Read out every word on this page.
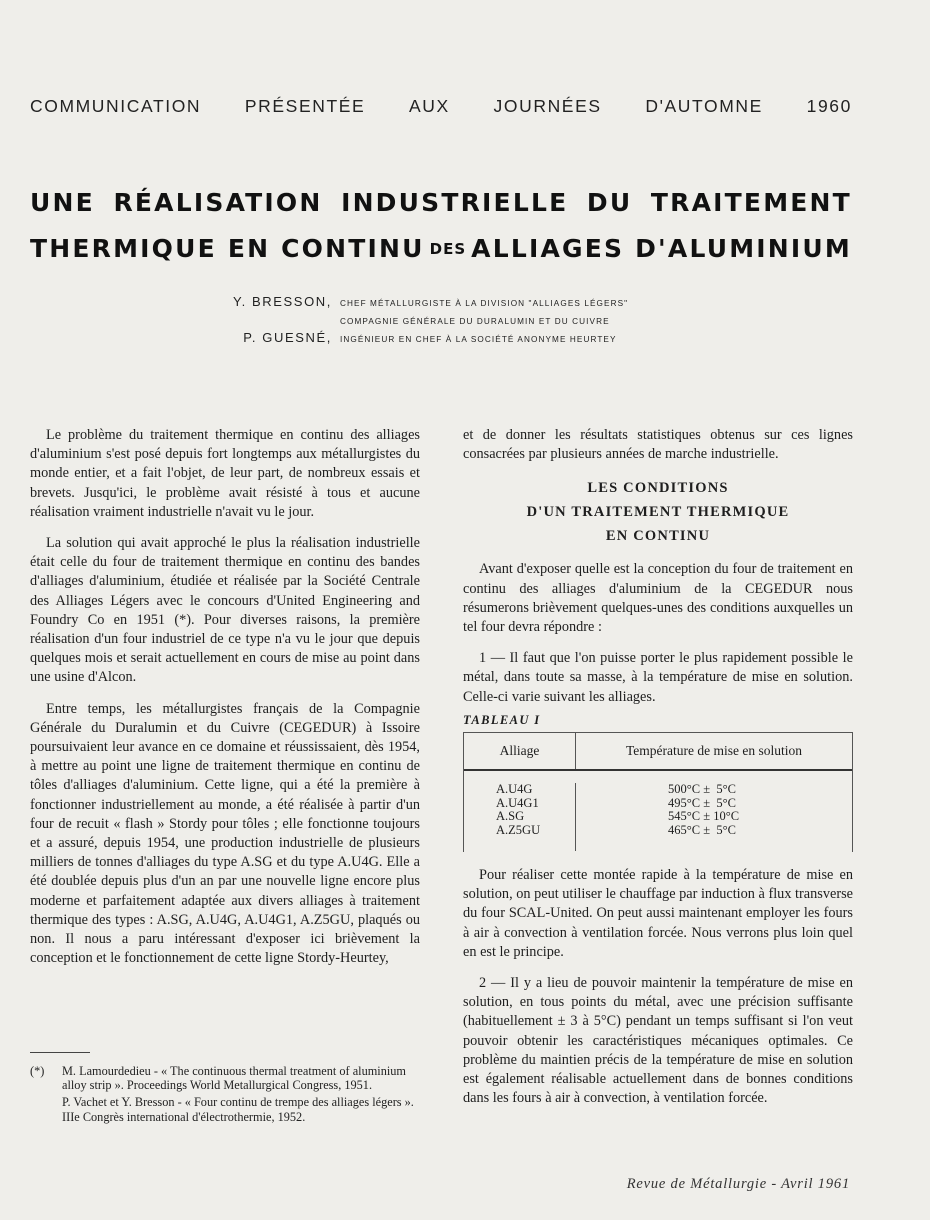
COMMUNICATION PRÉSENTÉE AUX JOURNÉES D'AUTOMNE 1960
UNE RÉALISATION INDUSTRIELLE DU TRAITEMENT
THERMIQUE EN CONTINU DES ALLIAGES D'ALUMINIUM
Y. BRESSON, CHEF MÉTALLURGISTE À LA DIVISION "ALLIAGES LÉGERS"
COMPAGNIE GÉNÉRALE DU DURALUMIN ET DU CUIVRE
P. GUESNÉ, INGÉNIEUR EN CHEF À LA SOCIÉTÉ ANONYME HEURTEY

Le problème du traitement thermique en continu des alliages d'aluminium s'est posé depuis fort longtemps aux métallurgistes du monde entier, et a fait l'objet, de leur part, de nombreux essais et brevets. Jusqu'ici, le problème avait résisté à tous et aucune réalisation vraiment industrielle n'avait vu le jour.

La solution qui avait approché le plus la réalisation industrielle était celle du four de traitement thermique en continu des bandes d'alliages d'aluminium, étudiée et réalisée par la Société Centrale des Alliages Légers avec le concours d'United Engineering and Foundry Co en 1951 (*). Pour diverses raisons, la première réalisation d'un four industriel de ce type n'a vu le jour que depuis quelques mois et serait actuellement en cours de mise au point dans une usine d'Alcon.

Entre temps, les métallurgistes français de la Compagnie Générale du Duralumin et du Cuivre (CEGEDUR) à Issoire poursuivaient leur avance en ce domaine et réussissaient, dès 1954, à mettre au point une ligne de traitement thermique en continu de tôles d'alliages d'aluminium. Cette ligne, qui a été la première à fonctionner industriellement au monde, a été réalisée à partir d'un four de recuit « flash » Stordy pour tôles ; elle fonctionne toujours et a assuré, depuis 1954, une production industrielle de plusieurs milliers de tonnes d'alliages du type A.SG et du type A.U4G. Elle a été doublée depuis plus d'un an par une nouvelle ligne encore plus moderne et parfaitement adaptée aux divers alliages à traitement thermique des types : A.SG, A.U4G, A.U4G1, A.Z5GU, plaqués ou non. Il nous a paru intéressant d'exposer ici brièvement la conception et le fonctionnement de cette ligne Stordy-Heurtey,

et de donner les résultats statistiques obtenus sur ces lignes consacrées par plusieurs années de marche industrielle.

LES CONDITIONS
D'UN TRAITEMENT THERMIQUE
EN CONTINU

Avant d'exposer quelle est la conception du four de traitement en continu des alliages d'aluminium de la CEGEDUR nous résumerons brièvement quelques-unes des conditions auxquelles un tel four devra répondre :

1 — Il faut que l'on puisse porter le plus rapidement possible le métal, dans toute sa masse, à la température de mise en solution. Celle-ci varie suivant les alliages.

TABLEAU I
Alliage	Température de mise en solution
A.U4G
A.U4G1
A.SG
A.Z5GU
500°C ±  5°C
495°C ±  5°C
545°C ± 10°C
465°C ±  5°C

Pour réaliser cette montée rapide à la température de mise en solution, on peut utiliser le chauffage par induction à flux transverse du four SCAL-United. On peut aussi maintenant employer les fours à air à convection à ventilation forcée. Nous verrons plus loin quel en est le principe.

2 — Il y a lieu de pouvoir maintenir la température de mise en solution, en tous points du métal, avec une précision suffisante (habituellement ± 3 à 5°C) pendant un temps suffisant si l'on veut pouvoir obtenir les caractéristiques mécaniques optimales. Ce problème du maintien précis de la température de mise en solution est également réalisable actuellement dans de bonnes conditions dans les fours à air à convection, à ventilation forcée.

(*)	M. Lamourdedieu - « The continuous thermal treatment of aluminium alloy strip ». Proceedings World Metallurgical Congress, 1951.
P. Vachet et Y. Bresson - « Four continu de trempe des alliages légers ». IIIe Congrès international d'électrothermie, 1952.
Revue de Métallurgie - Avril 1961
